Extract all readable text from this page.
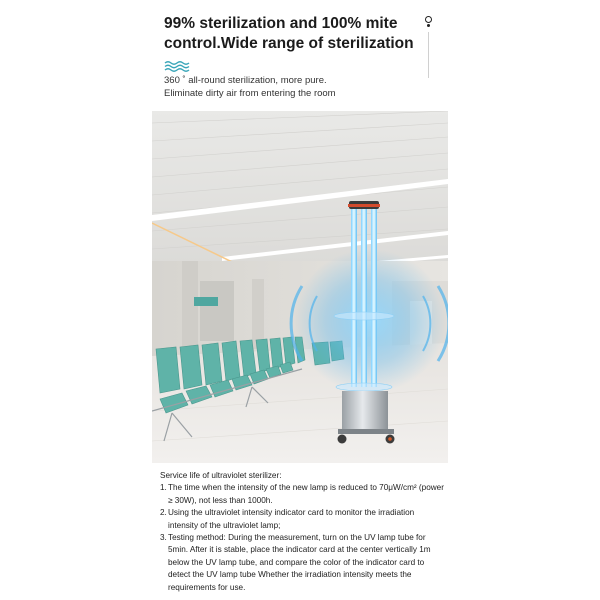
99% sterilization and 100% mite control.Wide range of sterilization

360 ˚ all-round sterilization, more pure.
Eliminate dirty air from entering the room

Service life of ultraviolet sterilizer:

1. The time when the intensity of the new lamp is reduced to 70μW/cm² (power ≥ 30W), not less than 1000h.
2. Using the ultraviolet intensity indicator card to monitor the irradiation intensity of the ultraviolet lamp;
3. Testing method: During the measurement, turn on the UV lamp tube for 5min. After it is stable, place the indicator card at the center vertically 1m below the UV lamp tube, and compare the color of the indicator card to detect the UV lamp tube Whether the irradiation intensity meets the requirements for use.
